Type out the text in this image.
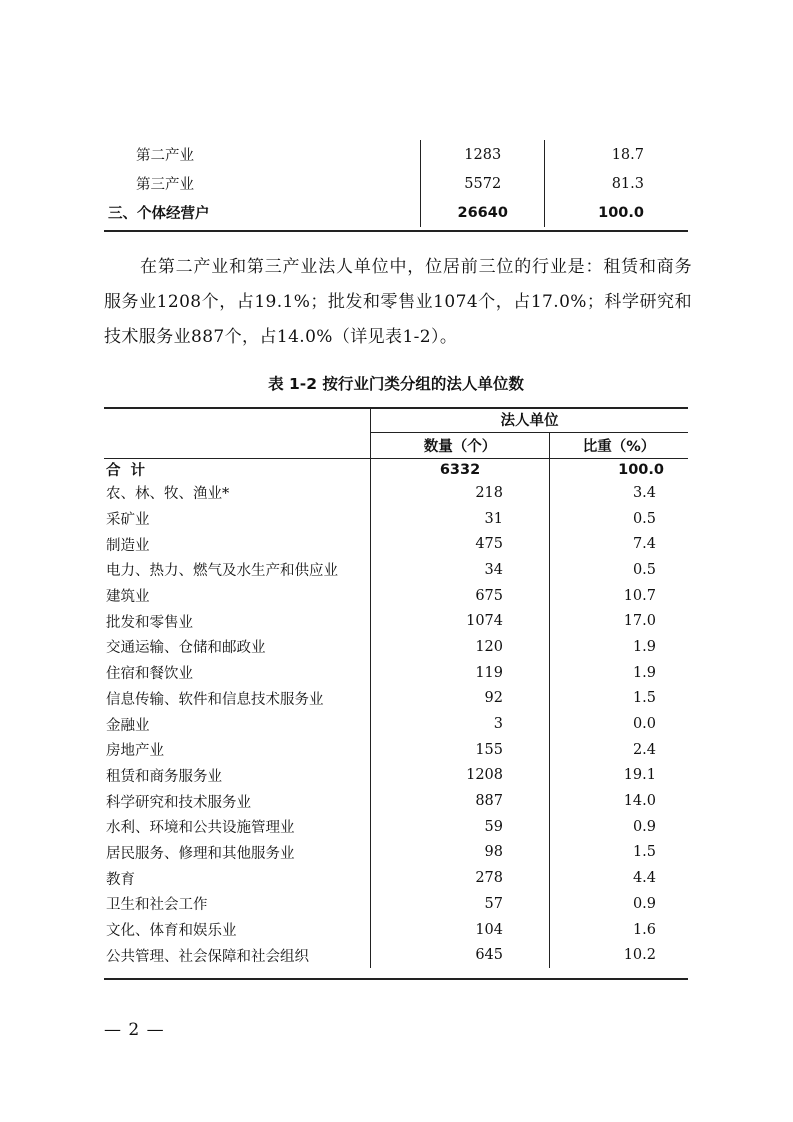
第二产业	1283	18.7
第三产业	5572	81.3
三、个体经营户	26640	100.0

在第二产业和第三产业法人单位中，位居前三位的行业是：租赁和商务服务业1208个，占19.1%；批发和零售业1074个，占17.0%；科学研究和技术服务业887个，占14.0%（详见表1-2）。

表 1-2 按行业门类分组的法人单位数
	法人单位	
	数量（个）	比重（%）
合计	6332	100.0
农、林、牧、渔业*	218	3.4
采矿业	31	0.5
制造业	475	7.4
电力、热力、燃气及水生产和供应业	34	0.5
建筑业	675	10.7
批发和零售业	1074	17.0
交通运输、仓储和邮政业	120	1.9
住宿和餐饮业	119	1.9
信息传输、软件和信息技术服务业	92	1.5
金融业	3	0.0
房地产业	155	2.4
租赁和商务服务业	1208	19.1
科学研究和技术服务业	887	14.0
水利、环境和公共设施管理业	59	0.9
居民服务、修理和其他服务业	98	1.5
教育	278	4.4
卫生和社会工作	57	0.9
文化、体育和娱乐业	104	1.6
公共管理、社会保障和社会组织	645	10.2
— 2 —
